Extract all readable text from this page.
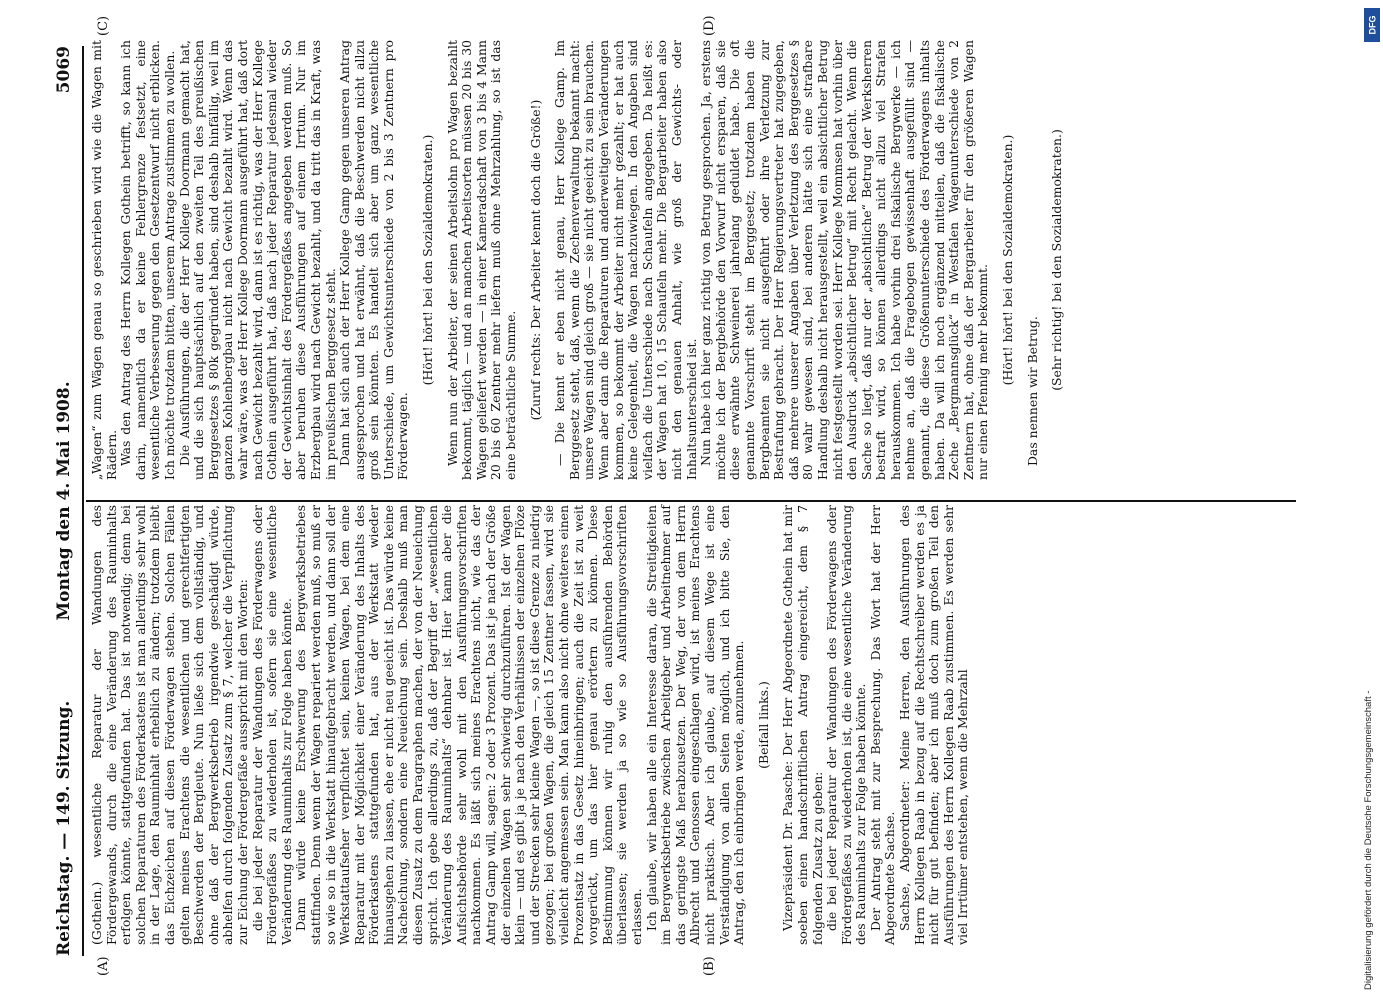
Reichstag. — 149. Sitzung.
Montag den 4. Mai 1908.
5069
(A)	(B)
(C)	(D)

(Gothein.) wesentliche Reparatur der Wandungen des Fördergewands, durch die eine Veränderung des Rauminhalts erfolgen könnte, stattgefunden hat. Das ist notwendig; denn bei solchen Reparaturen des Förderkastens ist man allerdings sehr wohl in der Lage, den Rauminhalt erheblich zu ändern; trotzdem bleibt das Eichzeichen auf diesen Förderwagen stehen. Solchen Fällen gelten meines Erachtens die wesentlichen und gerechtfertigten Beschwerden der Bergleute. Nun ließe sich dem vollständig, und ohne daß der Bergwerksbetrieb irgendwie geschädigt würde, abhelfen durch folgenden Zusatz zum § 7, welcher die Verpflichtung zur Eichung der Fördergefäße ausspricht mit den Worten: die bei jeder Reparatur der Wandungen des Förderwagens oder Fördergefäßes zu wiederholen ist, sofern sie eine wesentliche Veränderung des Rauminhalts zur Folge haben könnte. Dann würde keine Erschwerung des Bergwerksbetriebes stattfinden. Denn wenn der Wagen repariert werden muß, so muß er so wie so in die Werkstatt hinaufgebracht werden, und dann soll der Werkstattaufseher verpflichtet sein, keinen Wagen, bei dem eine Reparatur mit der Möglichkeit einer Veränderung des Inhalts des Förderkastens stattgefunden hat, aus der Werkstatt wieder hinausgehen zu lassen, ehe er nicht neu geeicht ist. Das würde keine Nacheichung, sondern eine Neueichung sein. Deshalb muß man diesen Zusatz zu dem Paragraphen machen, der von der Neueichung spricht. Ich gebe allerdings zu, daß der Begriff der „wesentlichen Veränderung des Rauminhalts“ dehnbar ist. Hier kann aber die Aufsichtsbehörde sehr wohl mit den Ausführungsvorschriften nachkommen. Es läßt sich meines Erachtens nicht, wie das der Antrag Gamp will, sagen: 2 oder 3 Prozent. Das ist je nach der Größe der einzelnen Wagen sehr schwierig durchzuführen. Ist der Wagen klein — und es gibt ja je nach den Verhältnissen der einzelnen Flöze und der Strecken sehr kleine Wagen —, so ist diese Grenze zu niedrig gezogen; bei großen Wagen, die gleich 15 Zentner fassen, wird sie vielleicht angemessen sein. Man kann also nicht ohne weiteres einen Prozentsatz in das Gesetz hineinbringen; auch die Zeit ist zu weit vorgerückt, um das hier genau erörtern zu können. Diese Bestimmung können wir ruhig den ausführenden Behörden überlassen; sie werden ja so wie so Ausführungsvorschriften erlassen. Ich glaube, wir haben alle ein Interesse daran, die Streitigkeiten im Bergwerksbetriebe zwischen Arbeitgeber und Arbeitnehmer auf das geringste Maß herabzusetzen. Der Weg, der von dem Herrn Albrecht und Genossen eingeschlagen wird, ist meines Erachtens nicht praktisch. Aber ich glaube, auf diesem Wege ist eine Verständigung von allen Seiten möglich, und ich bitte Sie, den Antrag, den ich einbringen werde, anzunehmen. (Beifall links.) Vizepräsident Dr. Paasche: Der Herr Abgeordnete Gothein hat mir soeben einen handschriftlichen Antrag eingereicht, dem § 7 folgenden Zusatz zu geben: die bei jeder Reparatur der Wandungen des Förderwagens oder Fördergefäßes zu wiederholen ist, die eine wesentliche Veränderung des Rauminhalts zur Folge haben könnte. Der Antrag steht mit zur Besprechung. Das Wort hat der Herr Abgeordnete Sachse. Sachse, Abgeordneter: Meine Herren, den Ausführungen des Herrn Kollegen Raab in bezug auf die Rechtschreiber werden es ja nicht für gut befinden; aber ich muß doch zum großen Teil den Ausführungen des Herrn Kollegen Raab zustimmen. Es werden sehr viel Irrtümer entstehen, wenn die Mehrzahl

„Wagen“ zum Wägen genau so geschrieben wird wie die Wagen mit Rädern. Was den Antrag des Herrn Kollegen Gothein betrifft, so kann ich darin, namentlich da er keine Fehlergrenze festsetzt, eine wesentliche Verbesserung gegen den Gesetzentwurf nicht erblicken. Ich möchte trotzdem bitten, unserem Antrage zustimmen zu wollen. Die Ausführungen, die der Herr Kollege Doormann gemacht hat, und die sich hauptsächlich auf den zweiten Teil des preußischen Berggesetzes § 80k gegründet haben, sind deshalb hinfällig, weil im ganzen Kohlenbergbau nicht nach Gewicht bezahlt wird. Wenn das wahr wäre, was der Herr Kollege Doormann ausgeführt hat, daß dort nach Gewicht bezahlt wird, dann ist es richtig, was der Herr Kollege Gothein ausgeführt hat, daß nach jeder Reparatur jedesmal wieder der Gewichtsinhalt des Fördergefäßes angegeben werden muß. So aber beruhen diese Ausführungen auf einem Irrtum. Nur im Erzbergbau wird nach Gewicht bezahlt, und da tritt das in Kraft, was im preußischen Berggesetz steht. Dann hat sich auch der Herr Kollege Gamp gegen unseren Antrag ausgesprochen und hat erwähnt, daß die Beschwerden nicht allzu groß sein könnten. Es handelt sich aber um ganz wesentliche Unterschiede, um Gewichtsunterschiede von 2 bis 3 Zentnern pro Förderwagen.

(Hört! hört! bei den Sozialdemokraten.) Wenn nun der Arbeiter, der seinen Arbeitslohn pro Wagen bezahlt bekommt, täglich — und an manchen Arbeitsorten müssen 20 bis 30 Wagen geliefert werden — in einer Kameradschaft von 3 bis 4 Mann 20 bis 60 Zentner mehr liefern muß ohne Mehrzahlung, so ist das eine beträchtliche Summe. (Zuruf rechts: Der Arbeiter kennt doch die Größe!) — Die kennt er eben nicht genau, Herr Kollege Gamp. Im Berggesetz steht, daß, wenn die Zechenverwaltung bekannt macht: unsere Wagen sind gleich groß — sie nicht geeicht zu sein brauchen. Wenn aber dann die Reparaturen und anderweitigen Veränderungen kommen, so bekommt der Arbeiter nicht mehr gezahlt; er hat auch keine Gelegenheit, die Wagen nachzuwiegen. In den Angaben sind vielfach die Unterschiede nach Schaufeln angegeben. Da heißt es: der Wagen hat 10, 15 Schaufeln mehr. Die Bergarbeiter haben also nicht den genauen Anhalt, wie groß der Gewichts- oder Inhaltsunterschied ist. Nun habe ich hier ganz richtig von Betrug gesprochen. Ja, erstens möchte ich der Bergbehörde den Vorwurf nicht ersparen, daß sie diese erwähnte Schweinerei jahrelang geduldet habe. Die oft genannte Vorschrift steht im Berggesetz; trotzdem haben die Bergbeamten sie nicht ausgeführt oder ihre Verletzung zur Bestrafung gebracht. Der Herr Regierungsvertreter hat zugegeben, daß mehrere unserer Angaben über Verletzung des Berggesetzes § 80 wahr gewesen sind, bei anderen hätte sich eine strafbare Handlung deshalb nicht herausgestellt, weil ein absichtlicher Betrug nicht festgestellt worden sei. Herr Kollege Mommsen hat vorhin über den Ausdruck „absichtlicher Betrug“ mit Recht gelacht. Wenn die Sache so liegt, daß nur der „absichtliche“ Betrug der Werksherren bestraft wird, so können allerdings nicht allzu viel Strafen herauskommen. Ich habe vorhin drei fiskalische Bergwerke — ich nehme an, daß die Fragebogen gewissenhaft ausgefüllt sind — genannt, die diese Größenunterschiede des Förderwagens inhalts haben. Da will ich noch ergänzend mitteilen, daß die fiskalische Zeche „Bergmannsglück“ in Westfalen Wagenunterschiede von 2 Zentnern hat, ohne daß der Bergarbeiter für den größeren Wagen nur einen Pfennig mehr bekommt. (Hört! hört! bei den Sozialdemokraten.)

Das nennen wir Betrug.

(Sehr richtig! bei den Sozialdemokraten.)

DFG
Digitalisierung gefördert durch die Deutsche Forschungsgemeinschaft -
